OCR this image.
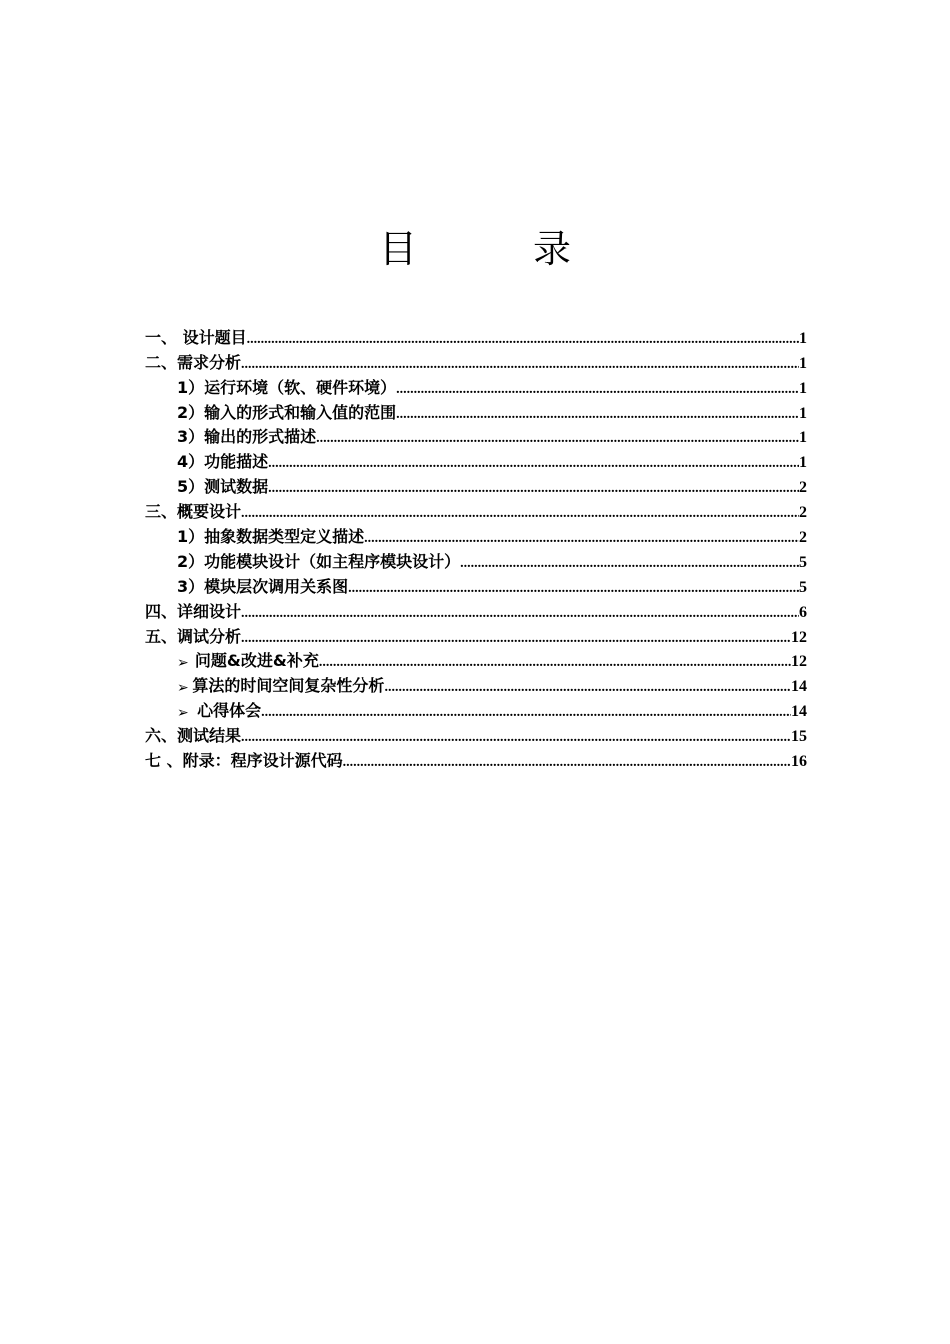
目 录
一、 设计题目 .....	1
二、需求分析 .....	1
1）运行环境（软、硬件环境） .....	1
2）输入的形式和输入值的范围 .....	1
3）输出的形式描述 .....	1
4）功能描述 .....	1
5）测试数据 .....	2
三、概要设计 .....	2
1）抽象数据类型定义描述 .....	2
2）功能模块设计（如主程序模块设计） .....	5
3）模块层次调用关系图 .....	5
四、详细设计 .....	6
五、调试分析 .....	12
➢ 问题&改进&补充 .....	12
➢ 算法的时间空间复杂性分析 .....	14
➢ 心得体会 .....	14
六、测试结果 .....	15
七 、附录：程序设计源代码 .....	16
